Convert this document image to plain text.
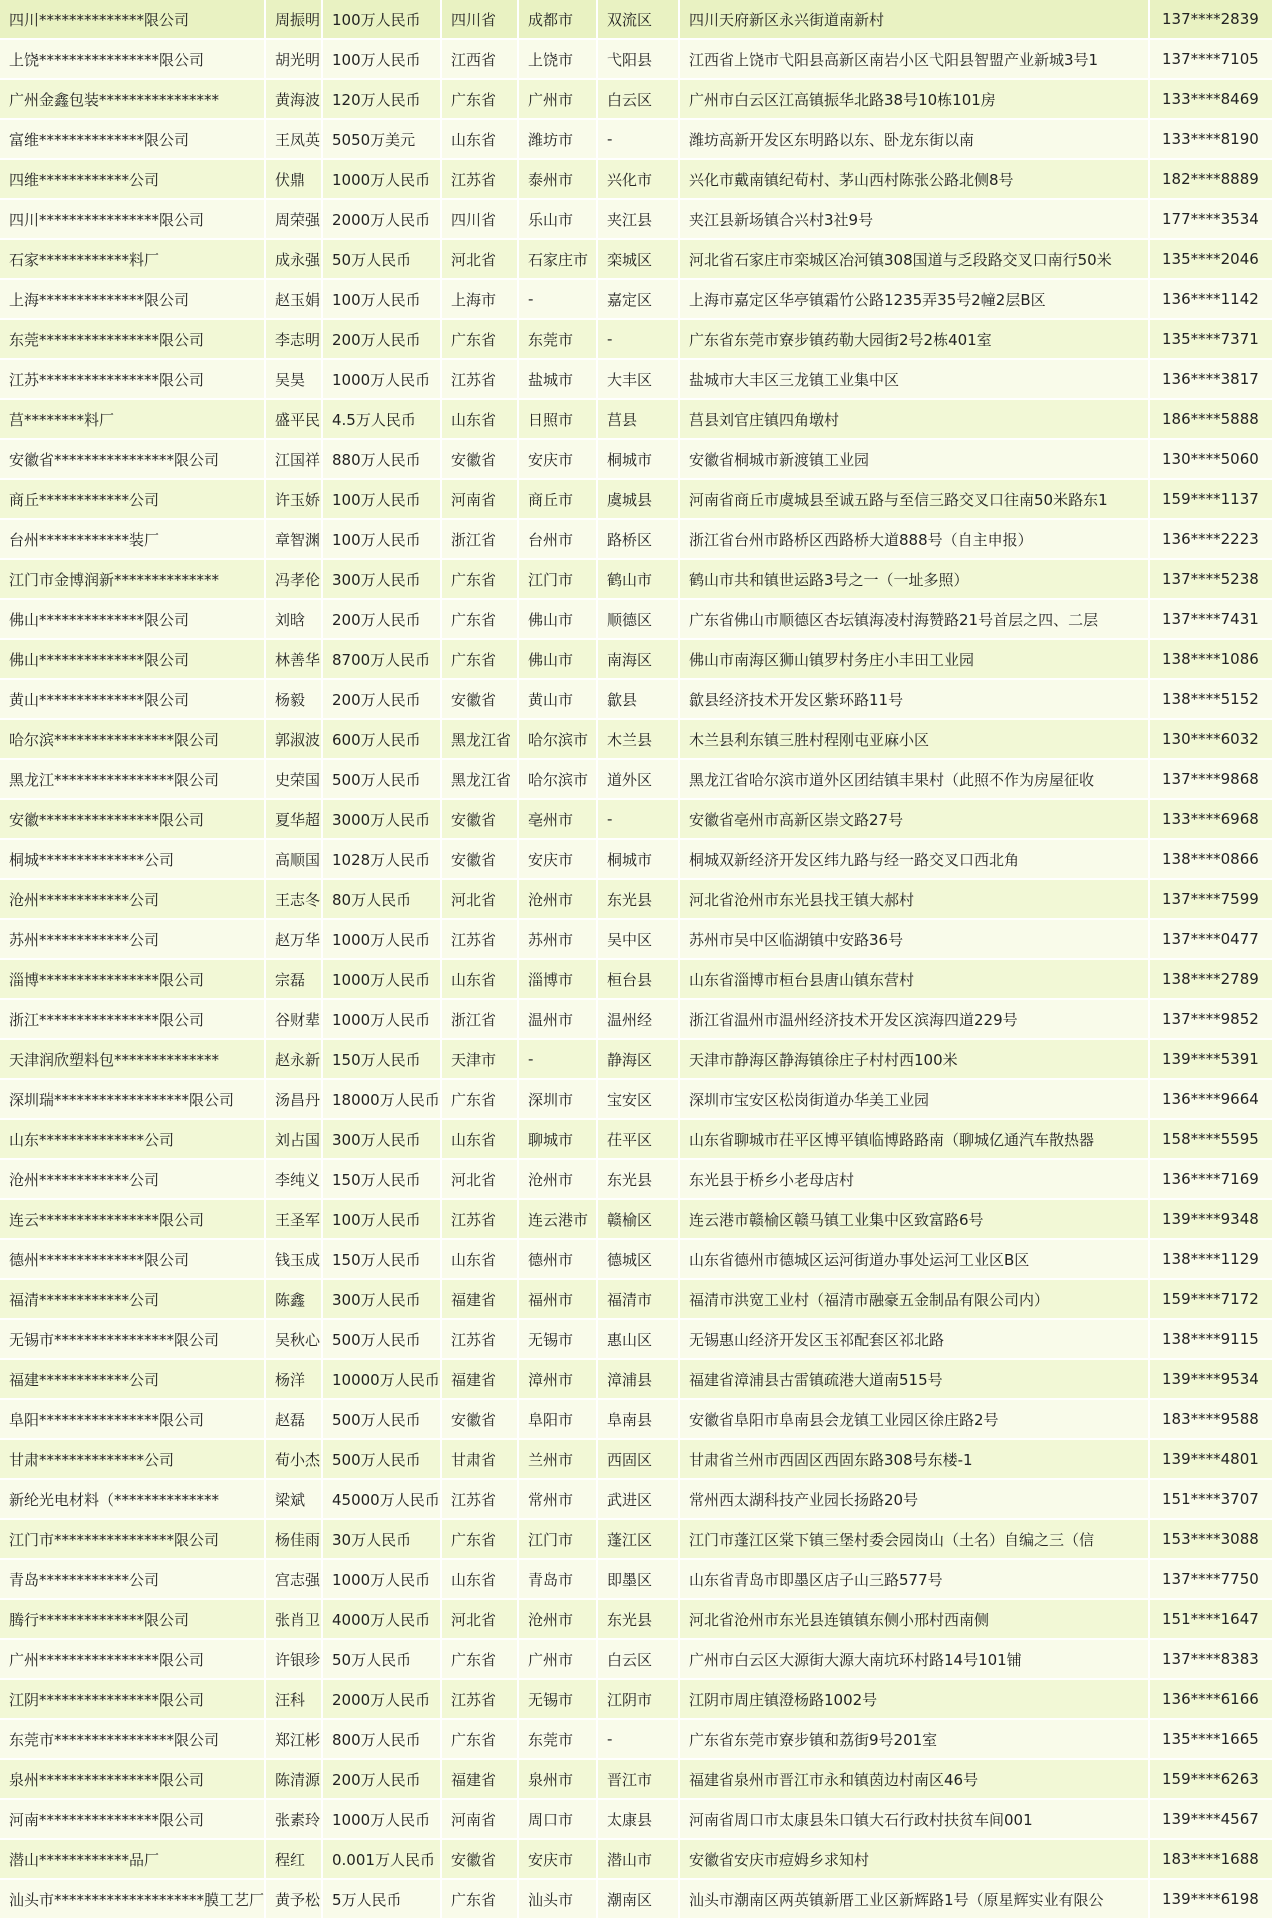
四川**************限公司	周振明	100万人民币	四川省	成都市	双流区	四川天府新区永兴街道南新村	137****2839
上饶****************限公司	胡光明	100万人民币	江西省	上饶市	弋阳县	江西省上饶市弋阳县高新区南岩小区弋阳县智盟产业新城3号1	137****7105
广州金鑫包装****************	黄海波	120万人民币	广东省	广州市	白云区	广州市白云区江高镇振华北路38号10栋101房	133****8469
富维**************限公司	王凤英	5050万美元	山东省	潍坊市	-	潍坊高新开发区东明路以东、卧龙东街以南	133****8190
四维************公司	伏鼎	1000万人民币	江苏省	泰州市	兴化市	兴化市戴南镇纪荀村、茅山西村陈张公路北侧8号	182****8889
四川****************限公司	周荣强	2000万人民币	四川省	乐山市	夹江县	夹江县新场镇合兴村3社9号	177****3534
石家************料厂	成永强	50万人民币	河北省	石家庄市	栾城区	河北省石家庄市栾城区冶河镇308国道与乏段路交叉口南行50米	135****2046
上海**************限公司	赵玉娟	100万人民币	上海市	-	嘉定区	上海市嘉定区华亭镇霜竹公路1235弄35号2幢2层B区	136****1142
东莞****************限公司	李志明	200万人民币	广东省	东莞市	-	广东省东莞市寮步镇药勒大园街2号2栋401室	135****7371
江苏****************限公司	吴昊	1000万人民币	江苏省	盐城市	大丰区	盐城市大丰区三龙镇工业集中区	136****3817
莒********料厂	盛平民	4.5万人民币	山东省	日照市	莒县	莒县刘官庄镇四角墩村	186****5888
安徽省****************限公司	江国祥	880万人民币	安徽省	安庆市	桐城市	安徽省桐城市新渡镇工业园	130****5060
商丘************公司	许玉娇	100万人民币	河南省	商丘市	虞城县	河南省商丘市虞城县至诚五路与至信三路交叉口往南50米路东1	159****1137
台州************装厂	章智渊	100万人民币	浙江省	台州市	路桥区	浙江省台州市路桥区西路桥大道888号（自主申报）	136****2223
江门市金博润新**************	冯孝伦	300万人民币	广东省	江门市	鹤山市	鹤山市共和镇世运路3号之一（一址多照）	137****5238
佛山**************限公司	刘晗	200万人民币	广东省	佛山市	顺德区	广东省佛山市顺德区杏坛镇海凌村海赞路21号首层之四、二层	137****7431
佛山**************限公司	林善华	8700万人民币	广东省	佛山市	南海区	佛山市南海区狮山镇罗村务庄小丰田工业园	138****1086
黄山**************限公司	杨毅	200万人民币	安徽省	黄山市	歙县	歙县经济技术开发区紫环路11号	138****5152
哈尔滨****************限公司	郭淑波	600万人民币	黑龙江省	哈尔滨市	木兰县	木兰县利东镇三胜村程刚屯亚麻小区	130****6032
黑龙江****************限公司	史荣国	500万人民币	黑龙江省	哈尔滨市	道外区	黑龙江省哈尔滨市道外区团结镇丰果村（此照不作为房屋征收	137****9868
安徽****************限公司	夏华超	3000万人民币	安徽省	亳州市	-	安徽省亳州市高新区崇文路27号	133****6968
桐城**************公司	高顺国	1028万人民币	安徽省	安庆市	桐城市	桐城双新经济开发区纬九路与经一路交叉口西北角	138****0866
沧州************公司	王志冬	80万人民币	河北省	沧州市	东光县	河北省沧州市东光县找王镇大郝村	137****7599
苏州************公司	赵万华	1000万人民币	江苏省	苏州市	吴中区	苏州市吴中区临湖镇中安路36号	137****0477
淄博****************限公司	宗磊	1000万人民币	山东省	淄博市	桓台县	山东省淄博市桓台县唐山镇东营村	138****2789
浙江****************限公司	谷财辈	1000万人民币	浙江省	温州市	温州经	浙江省温州市温州经济技术开发区滨海四道229号	137****9852
天津润欣塑料包**************	赵永新	150万人民币	天津市	-	静海区	天津市静海区静海镇徐庄子村村西100米	139****5391
深圳瑞******************限公司	汤昌丹	18000万人民币	广东省	深圳市	宝安区	深圳市宝安区松岗街道办华美工业园	136****9664
山东**************公司	刘占国	300万人民币	山东省	聊城市	茌平区	山东省聊城市茌平区博平镇临博路路南（聊城亿通汽车散热器	158****5595
沧州************公司	李纯义	150万人民币	河北省	沧州市	东光县	东光县于桥乡小老母店村	136****7169
连云****************限公司	王圣军	100万人民币	江苏省	连云港市	赣榆区	连云港市赣榆区赣马镇工业集中区致富路6号	139****9348
德州**************限公司	钱玉成	150万人民币	山东省	德州市	德城区	山东省德州市德城区运河街道办事处运河工业区B区	138****1129
福清************公司	陈鑫	300万人民币	福建省	福州市	福清市	福清市洪宽工业村（福清市融豪五金制品有限公司内）	159****7172
无锡市****************限公司	吴秋心	500万人民币	江苏省	无锡市	惠山区	无锡惠山经济开发区玉祁配套区祁北路	138****9115
福建************公司	杨洋	10000万人民币	福建省	漳州市	漳浦县	福建省漳浦县古雷镇疏港大道南515号	139****9534
阜阳****************限公司	赵磊	500万人民币	安徽省	阜阳市	阜南县	安徽省阜阳市阜南县会龙镇工业园区徐庄路2号	183****9588
甘肃**************公司	荀小杰	500万人民币	甘肃省	兰州市	西固区	甘肃省兰州市西固区西固东路308号东楼-1	139****4801
新纶光电材料（**************	梁斌	45000万人民币	江苏省	常州市	武进区	常州西太湖科技产业园长扬路20号	151****3707
江门市****************限公司	杨佳雨	30万人民币	广东省	江门市	蓬江区	江门市蓬江区棠下镇三堡村委会园岗山（土名）自编之三（信	153****3088
青岛************公司	宫志强	1000万人民币	山东省	青岛市	即墨区	山东省青岛市即墨区店子山三路577号	137****7750
腾行**************限公司	张肖卫	4000万人民币	河北省	沧州市	东光县	河北省沧州市东光县连镇镇东侧小邢村西南侧	151****1647
广州****************限公司	许银珍	50万人民币	广东省	广州市	白云区	广州市白云区大源街大源大南坑环村路14号101铺	137****8383
江阴****************限公司	汪科	2000万人民币	江苏省	无锡市	江阴市	江阴市周庄镇澄杨路1002号	136****6166
东莞市****************限公司	郑江彬	800万人民币	广东省	东莞市	-	广东省东莞市寮步镇和荔街9号201室	135****1665
泉州****************限公司	陈清源	200万人民币	福建省	泉州市	晋江市	福建省泉州市晋江市永和镇茵边村南区46号	159****6263
河南****************限公司	张素玲	1000万人民币	河南省	周口市	太康县	河南省周口市太康县朱口镇大石行政村扶贫车间001	139****4567
潜山************品厂	程红	0.001万人民币	安徽省	安庆市	潜山市	安徽省安庆市痘姆乡求知村	183****1688
汕头市********************膜工艺厂	黄予松	5万人民币	广东省	汕头市	潮南区	汕头市潮南区两英镇新厝工业区新辉路1号（原星辉实业有限公	139****6198
